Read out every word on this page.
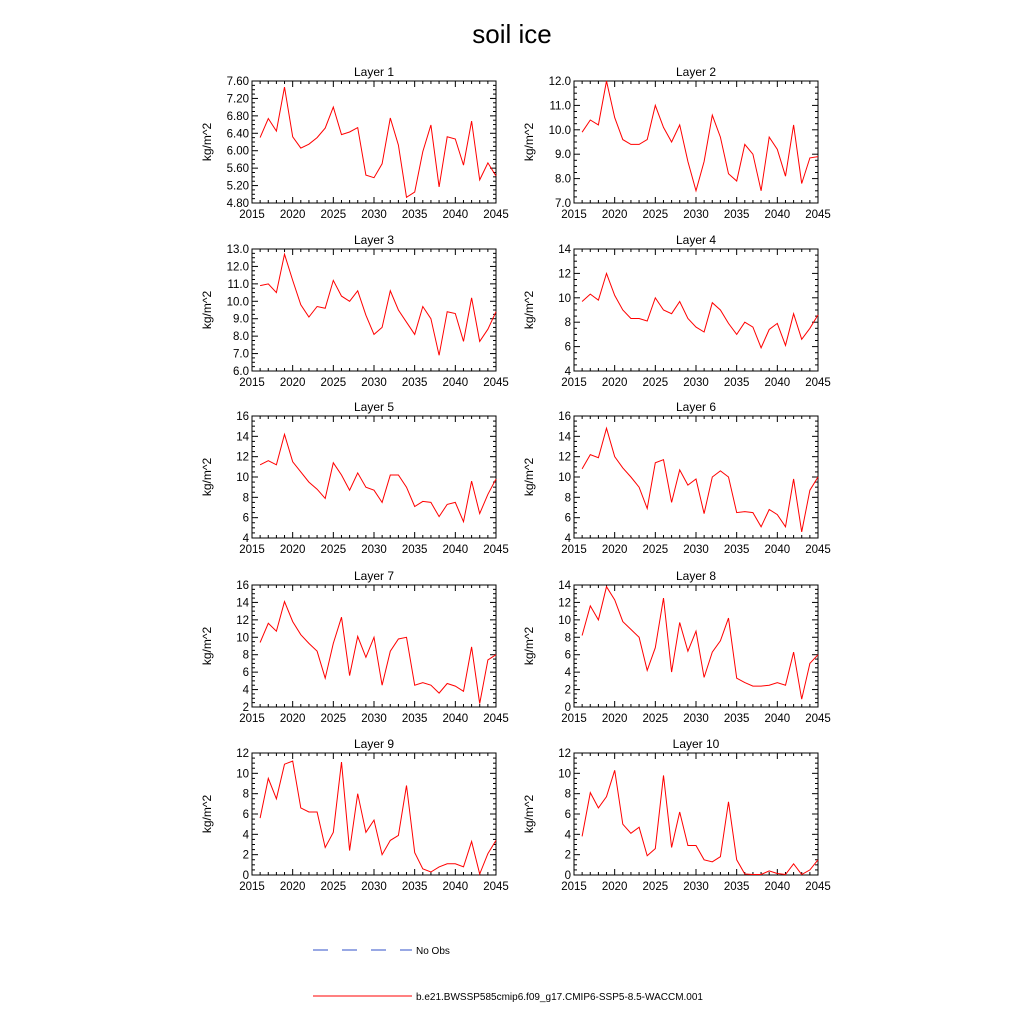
soil ice
Layer 1
2015 2020 2025 2030 2035 2040 2045
4.80
5.20
5.60
6.00
6.40
6.80
7.20
7.60
kg/m^2
Layer 2
2015 2020 2025 2030 2035 2040 2045
7.0
8.0
9.0
10.0
11.0
12.0
kg/m^2
Layer 3
2015 2020 2025 2030 2035 2040 2045
6.0
7.0
8.0
9.0
10.0
11.0
12.0
13.0
kg/m^2
Layer 4
2015 2020 2025 2030 2035 2040 2045
4
6
8
10
12
14
kg/m^2
Layer 5
2015 2020 2025 2030 2035 2040 2045
4
6
8
10
12
14
16
kg/m^2
Layer 6
2015 2020 2025 2030 2035 2040 2045
4
6
8
10
12
14
16
kg/m^2
Layer 7
2015 2020 2025 2030 2035 2040 2045
2
4
6
8
10
12
14
16
kg/m^2
Layer 8
2015 2020 2025 2030 2035 2040 2045
0
2
4
6
8
10
12
14
kg/m^2
Layer 9
2015 2020 2025 2030 2035 2040 2045
0
2
4
6
8
10
12
kg/m^2
Layer 10
2015 2020 2025 2030 2035 2040 2045
0
2
4
6
8
10
12
kg/m^2
No Obs
b.e21.BWSSP585cmip6.f09_g17.CMIP6-SSP5-8.5-WACCM.001
